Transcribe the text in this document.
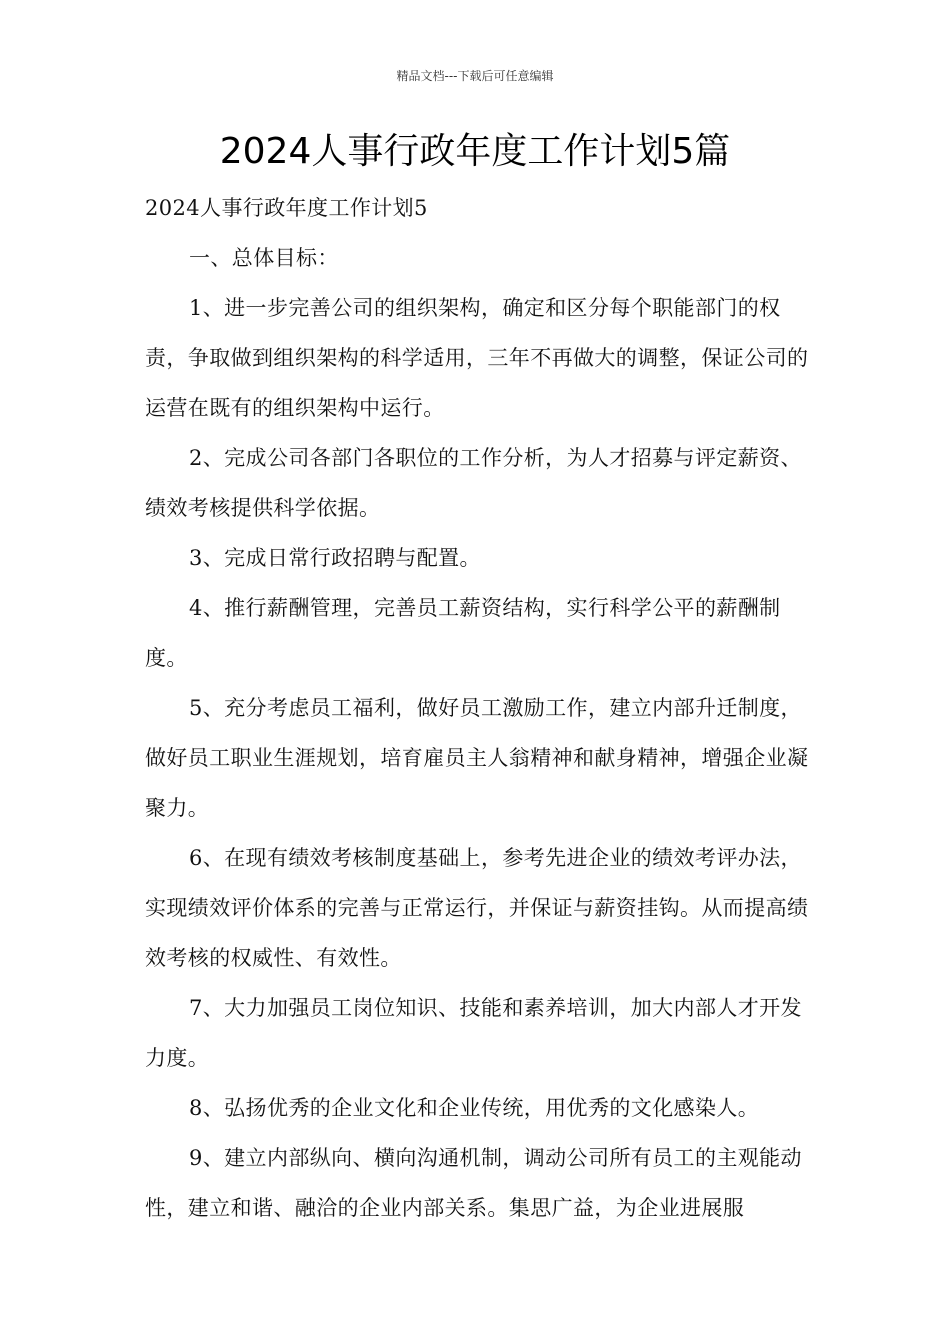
精品文档---下载后可任意编辑
2024人事行政年度工作计划5篇

2024人事行政年度工作计划5

一、总体目标：

1、进一步完善公司的组织架构，确定和区分每个职能部门的权责，争取做到组织架构的科学适用，三年不再做大的调整，保证公司的运营在既有的组织架构中运行。

2、完成公司各部门各职位的工作分析，为人才招募与评定薪资、绩效考核提供科学依据。

3、完成日常行政招聘与配置。

4、推行薪酬管理，完善员工薪资结构，实行科学公平的薪酬制度。

5、充分考虑员工福利，做好员工激励工作，建立内部升迁制度，做好员工职业生涯规划，培育雇员主人翁精神和献身精神，增强企业凝聚力。

6、在现有绩效考核制度基础上，参考先进企业的绩效考评办法，实现绩效评价体系的完善与正常运行，并保证与薪资挂钩。从而提高绩效考核的权威性、有效性。

7、大力加强员工岗位知识、技能和素养培训，加大内部人才开发力度。

8、弘扬优秀的企业文化和企业传统，用优秀的文化感染人。

9、建立内部纵向、横向沟通机制，调动公司所有员工的主观能动性，建立和谐、融洽的企业内部关系。集思广益，为企业进展服
